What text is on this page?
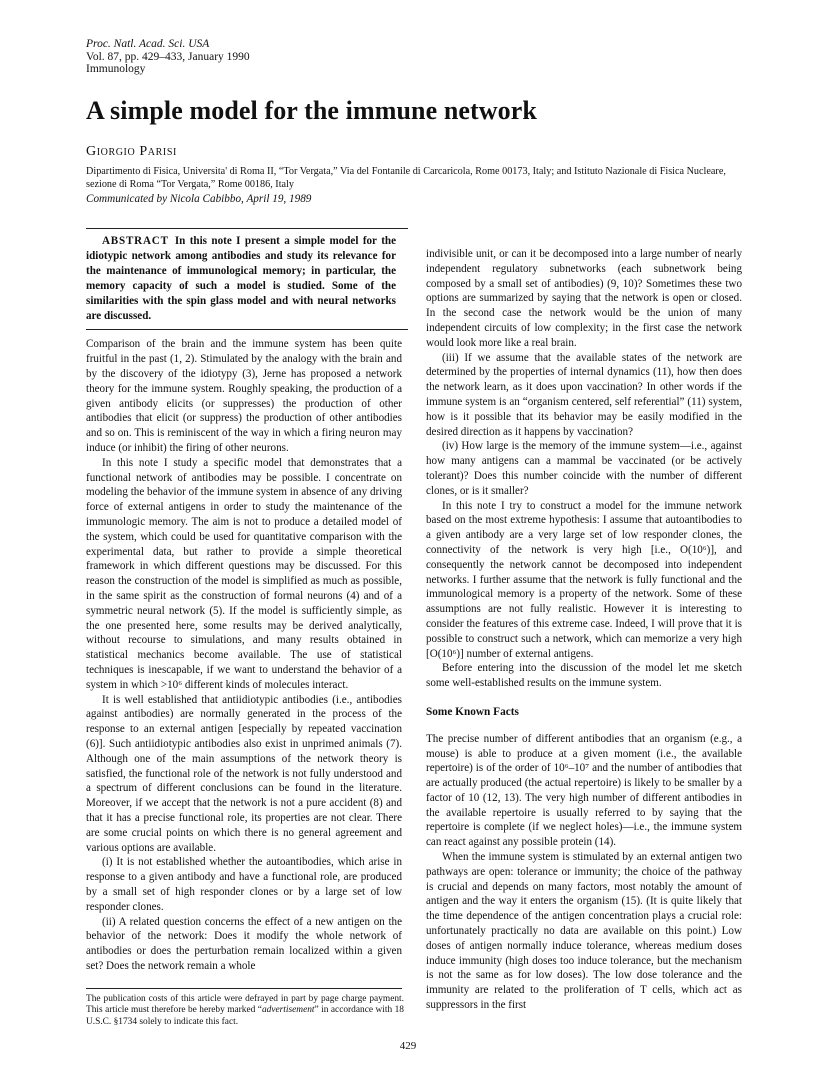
Proc. Natl. Acad. Sci. USA
Vol. 87, pp. 429–433, January 1990
Immunology
A simple model for the immune network
Giorgio Parisi
Dipartimento di Fisica, Universita' di Roma II, “Tor Vergata,” Via del Fontanile di Carcaricola, Rome 00173, Italy; and Istituto Nazionale di Fisica Nucleare, sezione di Roma “Tor Vergata,” Rome 00186, Italy
Communicated by Nicola Cabibbo, April 19, 1989

ABSTRACT In this note I present a simple model for the idiotypic network among antibodies and study its relevance for the maintenance of immunological memory; in particular, the memory capacity of such a model is studied. Some of the similarities with the spin glass model and with neural networks are discussed.

Comparison of the brain and the immune system has been quite fruitful in the past (1, 2). Stimulated by the analogy with the brain and by the discovery of the idiotypy (3), Jerne has proposed a network theory for the immune system. Roughly speaking, the production of a given antibody elicits (or suppresses) the production of other antibodies that elicit (or suppress) the production of other antibodies and so on. This is reminiscent of the way in which a firing neuron may induce (or inhibit) the firing of other neurons.

In this note I study a specific model that demonstrates that a functional network of antibodies may be possible. I concentrate on modeling the behavior of the immune system in absence of any driving force of external antigens in order to study the maintenance of the immunologic memory. The aim is not to produce a detailed model of the system, which could be used for quantitative comparison with the experimental data, but rather to provide a simple theoretical framework in which different questions may be discussed. For this reason the construction of the model is simplified as much as possible, in the same spirit as the construction of formal neurons (4) and of a symmetric neural network (5). If the model is sufficiently simple, as the one presented here, some results may be derived analytically, without recourse to simulations, and many results obtained in statistical mechanics become available. The use of statistical techniques is inescapable, if we want to understand the behavior of a system in which >10⁶ different kinds of molecules interact.

It is well established that antiidiotypic antibodies (i.e., antibodies against antibodies) are normally generated in the process of the response to an external antigen [especially by repeated vaccination (6)]. Such antiidiotypic antibodies also exist in unprimed animals (7). Although one of the main assumptions of the network theory is satisfied, the functional role of the network is not fully understood and a spectrum of different conclusions can be found in the literature. Moreover, if we accept that the network is not a pure accident (8) and that it has a precise functional role, its properties are not clear. There are some crucial points on which there is no general agreement and various options are available.

(i) It is not established whether the autoantibodies, which arise in response to a given antibody and have a functional role, are produced by a small set of high responder clones or by a large set of low responder clones.

(ii) A related question concerns the effect of a new antigen on the behavior of the network: Does it modify the whole network of antibodies or does the perturbation remain localized within a given set? Does the network remain a whole

indivisible unit, or can it be decomposed into a large number of nearly independent regulatory subnetworks (each subnetwork being composed by a small set of antibodies) (9, 10)? Sometimes these two options are summarized by saying that the network is open or closed. In the second case the network would be the union of many independent circuits of low complexity; in the first case the network would look more like a real brain.

(iii) If we assume that the available states of the network are determined by the properties of internal dynamics (11), how then does the network learn, as it does upon vaccination? In other words if the immune system is an “organism centered, self referential” (11) system, how is it possible that its behavior may be easily modified in the desired direction as it happens by vaccination?

(iv) How large is the memory of the immune system—i.e., against how many antigens can a mammal be vaccinated (or be actively tolerant)? Does this number coincide with the number of different clones, or is it smaller?

In this note I try to construct a model for the immune network based on the most extreme hypothesis: I assume that autoantibodies to a given antibody are a very large set of low responder clones, the connectivity of the network is very high [i.e., O(10⁶)], and consequently the network cannot be decomposed into independent networks. I further assume that the network is fully functional and the immunological memory is a property of the network. Some of these assumptions are not fully realistic. However it is interesting to consider the features of this extreme case. Indeed, I will prove that it is possible to construct such a network, which can memorize a very high [O(10⁶)] number of external antigens.

Before entering into the discussion of the model let me sketch some well-established results on the immune system.

Some Known Facts

The precise number of different antibodies that an organism (e.g., a mouse) is able to produce at a given moment (i.e., the available repertoire) is of the order of 10⁶–10⁷ and the number of antibodies that are actually produced (the actual repertoire) is likely to be smaller by a factor of 10 (12, 13). The very high number of different antibodies in the available repertoire is usually referred to by saying that the repertoire is complete (if we neglect holes)—i.e., the immune system can react against any possible protein (14).

When the immune system is stimulated by an external antigen two pathways are open: tolerance or immunity; the choice of the pathway is crucial and depends on many factors, most notably the amount of antigen and the way it enters the organism (15). (It is quite likely that the time dependence of the antigen concentration plays a crucial role: unfortunately practically no data are available on this point.) Low doses of antigen normally induce tolerance, whereas medium doses induce immunity (high doses too induce tolerance, but the mechanism is not the same as for low doses). The low dose tolerance and the immunity are related to the proliferation of T cells, which act as suppressors in the first

The publication costs of this article were defrayed in part by page charge payment. This article must therefore be hereby marked “advertisement” in accordance with 18 U.S.C. §1734 solely to indicate this fact.
429
